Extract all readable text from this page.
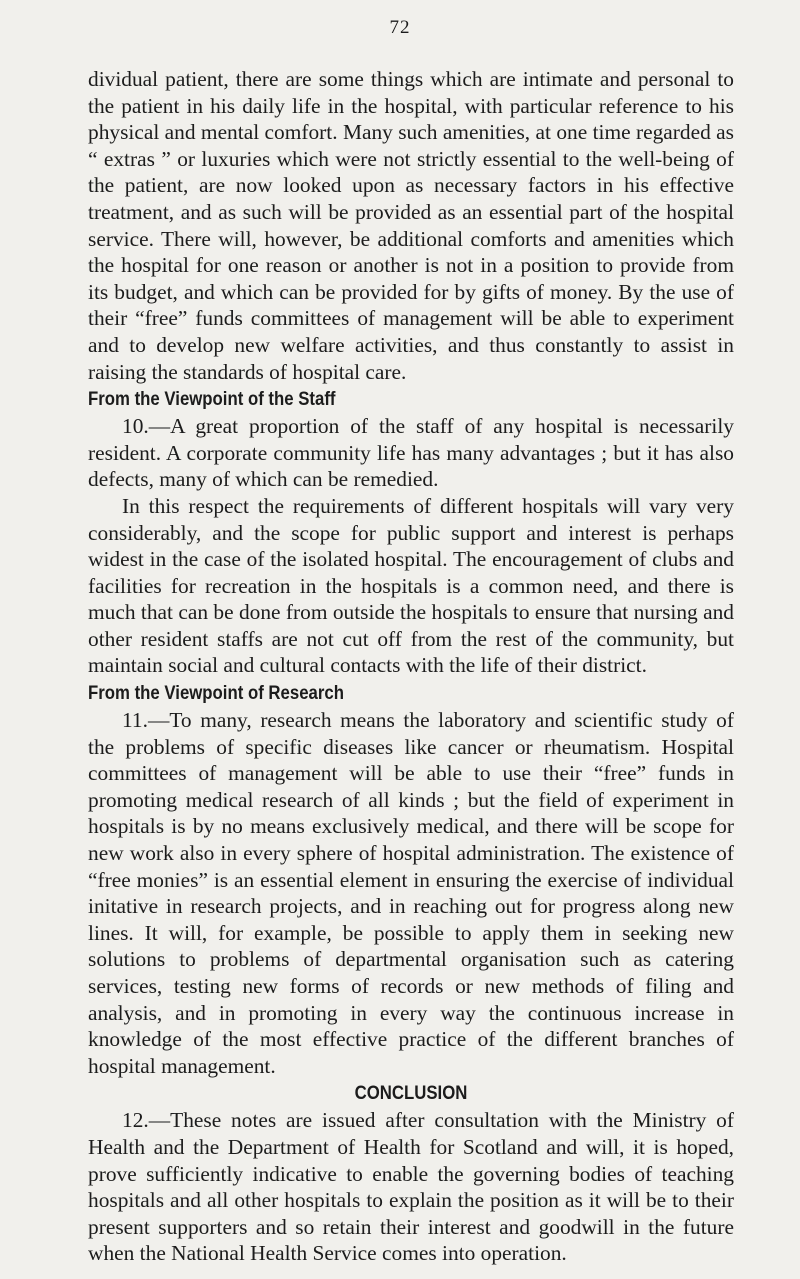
72

dividual patient, there are some things which are intimate and personal to the patient in his daily life in the hospital, with particular reference to his physical and mental comfort. Many such amenities, at one time regarded as “ extras ” or luxuries which were not strictly essential to the well-being of the patient, are now looked upon as necessary factors in his effective treatment, and as such will be provided as an essential part of the hospital service. There will, however, be additional comforts and amenities which the hospital for one reason or another is not in a position to provide from its budget, and which can be provided for by gifts of money. By the use of their “free” funds committees of management will be able to experiment and to develop new welfare activities, and thus constantly to assist in raising the standards of hospital care.

From the Viewpoint of the Staff

10.—A great proportion of the staff of any hospital is necessarily resident. A corporate community life has many advantages ; but it has also defects, many of which can be remedied.

In this respect the requirements of different hospitals will vary very considerably, and the scope for public support and interest is perhaps widest in the case of the isolated hospital. The encouragement of clubs and facilities for recreation in the hospitals is a common need, and there is much that can be done from outside the hospitals to ensure that nursing and other resident staffs are not cut off from the rest of the community, but maintain social and cultural contacts with the life of their district.

From the Viewpoint of Research

11.—To many, research means the laboratory and scientific study of the problems of specific diseases like cancer or rheumatism. Hospital committees of management will be able to use their “free” funds in promoting medical research of all kinds ; but the field of experiment in hospitals is by no means exclusively medical, and there will be scope for new work also in every sphere of hospital administration. The existence of “free monies” is an essential element in ensuring the exercise of individual initative in research projects, and in reaching out for progress along new lines. It will, for example, be possible to apply them in seeking new solutions to problems of departmental organisation such as catering services, testing new forms of records or new methods of filing and analysis, and in promoting in every way the continuous increase in knowledge of the most effective practice of the different branches of hospital management.

CONCLUSION

12.—These notes are issued after consultation with the Ministry of Health and the Department of Health for Scotland and will, it is hoped, prove sufficiently indicative to enable the governing bodies of teaching hospitals and all other hospitals to explain the position as it will be to their present supporters and so retain their interest and goodwill in the future when the National Health Service comes into operation.
